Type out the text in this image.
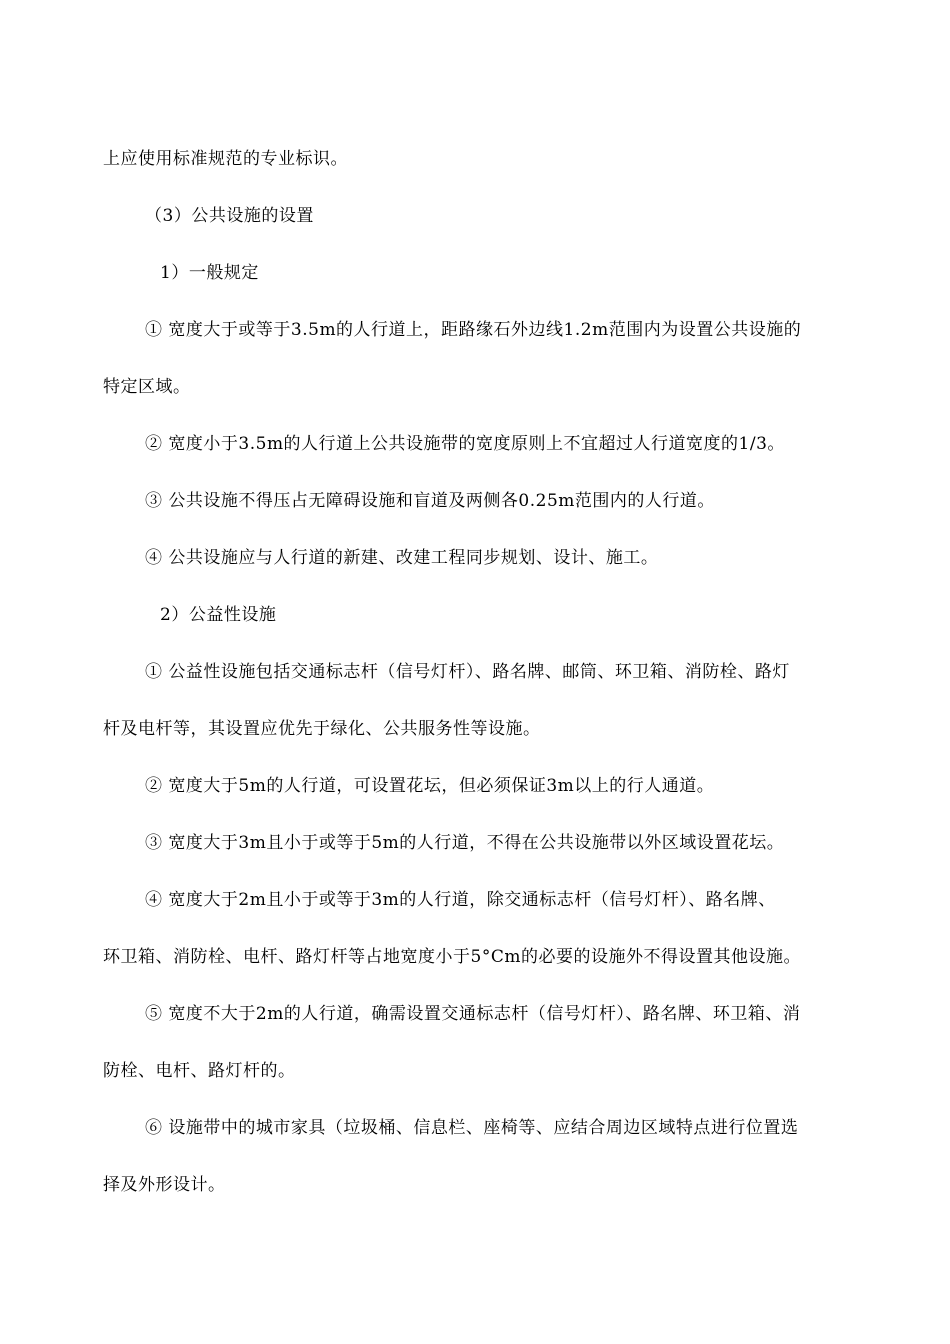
上应使用标准规范的专业标识。
（3）公共设施的设置
1）一般规定
① 宽度大于或等于3.5m的人行道上，距路缘石外边线1.2m范围内为设置公共设施的
特定区域。
② 宽度小于3.5m的人行道上公共设施带的宽度原则上不宜超过人行道宽度的1/3。
③ 公共设施不得压占无障碍设施和盲道及两侧各0.25m范围内的人行道。
④ 公共设施应与人行道的新建、改建工程同步规划、设计、施工。
2）公益性设施
① 公益性设施包括交通标志杆（信号灯杆）、路名牌、邮筒、环卫箱、消防栓、路灯
杆及电杆等，其设置应优先于绿化、公共服务性等设施。
② 宽度大于5m的人行道，可设置花坛，但必须保证3m以上的行人通道。
③ 宽度大于3m且小于或等于5m的人行道，不得在公共设施带以外区域设置花坛。
④ 宽度大于2m且小于或等于3m的人行道，除交通标志杆（信号灯杆）、路名牌、
环卫箱、消防栓、电杆、路灯杆等占地宽度小于5°Cm的必要的设施外不得设置其他设施。
⑤ 宽度不大于2m的人行道，确需设置交通标志杆（信号灯杆）、路名牌、环卫箱、消
防栓、电杆、路灯杆的。
⑥ 设施带中的城市家具（垃圾桶、信息栏、座椅等、应结合周边区域特点进行位置选
择及外形设计。
